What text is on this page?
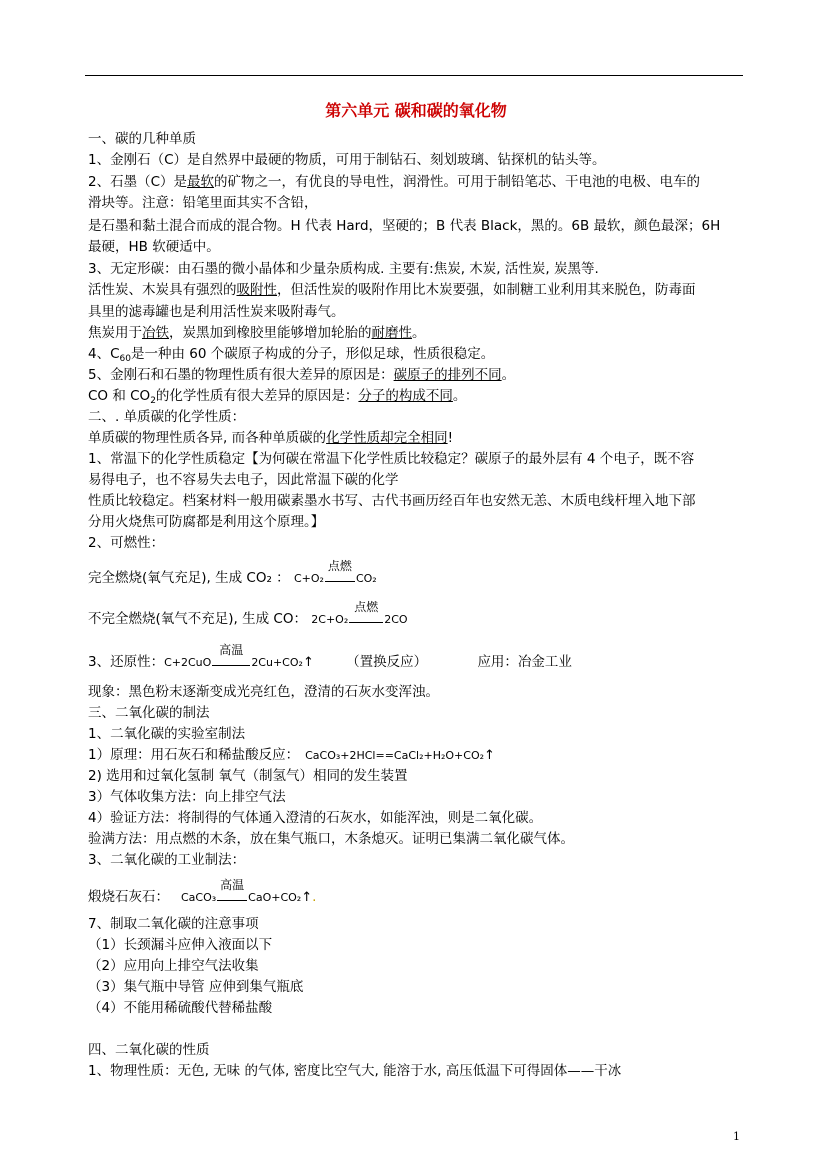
第六单元 碳和碳的氧化物
一、碳的几种单质
1、金刚石（C）是自然界中最硬的物质，可用于制钻石、刻划玻璃、钻探机的钻头等。
2、石墨（C）是最软的矿物之一，有优良的导电性，润滑性。可用于制铅笔芯、干电池的电极、电车的
滑块等。注意：铅笔里面其实不含铅，
是石墨和黏土混合而成的混合物。H 代表 Hard，坚硬的；B 代表 Black，黑的。6B 最软，颜色最深；6H
最硬，HB 软硬适中。
3、无定形碳：由石墨的微小晶体和少量杂质构成. 主要有:焦炭, 木炭, 活性炭, 炭黑等.
活性炭、木炭具有强烈的吸附性，但活性炭的吸附作用比木炭要强，如制糖工业利用其来脱色，防毒面
具里的滤毒罐也是利用活性炭来吸附毒气。
焦炭用于冶铁，炭黑加到橡胶里能够增加轮胎的耐磨性。
4、$C_{60}$是一种由 60 个碳原子构成的分子，形似足球，性质很稳定。
5、金刚石和石墨的物理性质有很大差异的原因是：碳原子的排列不同。
CO 和 $CO_2$的化学性质有很大差异的原因是：分子的构成不同。
二、. 单质碳的化学性质：
单质碳的物理性质各异, 而各种单质碳的化学性质却完全相同!
1、常温下的化学性质稳定【为何碳在常温下化学性质比较稳定？碳原子的最外层有 4 个电子，既不容
易得电子，也不容易失去电子，因此常温下碳的化学
性质比较稳定。档案材料一般用碳素墨水书写、古代书画历经百年也安然无恙、木质电线杆埋入地下部
分用火烧焦可防腐都是利用这个原理。】
2、可燃性：
完全燃烧(氧气充足), 生成 CO₂ ： C+O₂
点燃
CO₂
不完全燃烧(氧气不充足), 生成 CO： 2C+O₂
点燃
2CO
3、还原性：C+2CuO
高温
2Cu+CO₂↑ （置换反应）	应用：冶金工业
现象：黑色粉末逐渐变成光亮红色，澄清的石灰水变浑浊。
三、二氧化碳的制法
1、二氧化碳的实验室制法
1）原理：用石灰石和稀盐酸反应： CaCO₃+2HCl==CaCl₂+H₂O+CO₂↑
2) 选用和过氧化氢制 氧气（制氢气）相同的发生装置
3）气体收集方法：向上排空气法
4）验证方法：将制得的气体通入澄清的石灰水，如能浑浊，则是二氧化碳。
验满方法：用点燃的木条，放在集气瓶口，木条熄灭。证明已集满二氧化碳气体。
3、二氧化碳的工业制法：
煅烧石灰石： CaCO₃
高温
CaO+CO₂↑.
7、制取二氧化碳的注意事项
（1）长颈漏斗应伸入液面以下
（2）应用向上排空气法收集
（3）集气瓶中导管 应伸到集气瓶底
（4）不能用稀硫酸代替稀盐酸
四、二氧化碳的性质
1、物理性质：无色, 无味 的气体, 密度比空气大, 能溶于水, 高压低温下可得固体——干冰
1
